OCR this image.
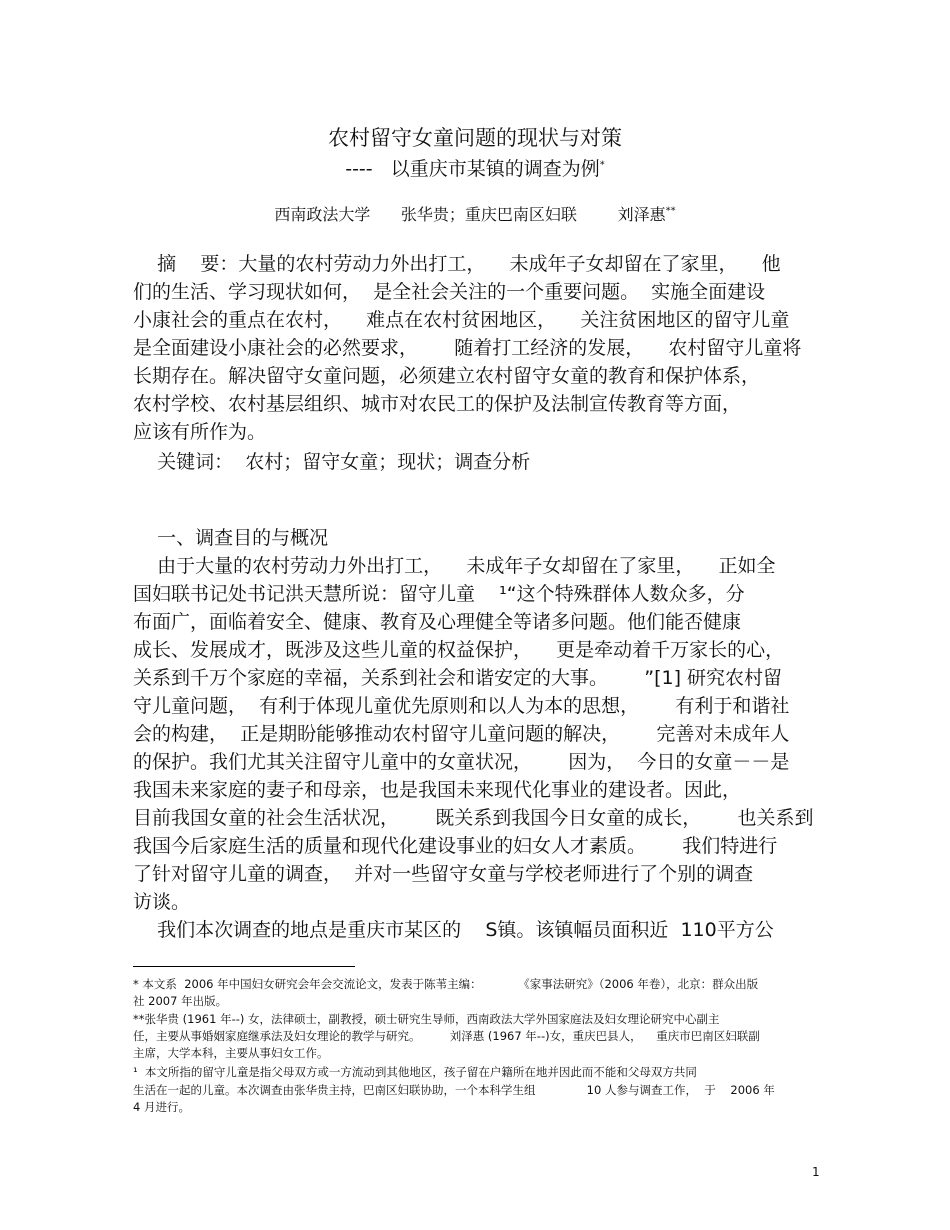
农村留守女童问题的现状与对策
----   以重庆市某镇的调查为例*
西南政法大学      张华贵；重庆巴南区妇联        刘泽惠**
摘    要：大量的农村劳动力外出打工，    未成年子女却留在了家里，    他
们的生活、学习现状如何，  是全社会关注的一个重要问题。  实施全面建设
小康社会的重点在农村，    难点在农村贫困地区，    关注贫困地区的留守儿童
是全面建设小康社会的必然要求，      随着打工经济的发展，    农村留守儿童将
长期存在。解决留守女童问题，必须建立农村留守女童的教育和保护体系，
农村学校、农村基层组织、城市对农民工的保护及法制宣传教育等方面，
应该有所作为。
关键词：  农村；留守女童；现状；调查分析
一、调查目的与概况
由于大量的农村劳动力外出打工，    未成年子女却留在了家里，    正如全
国妇联书记处书记洪天慧所说：留守儿童    ¹“这个特殊群体人数众多，分
布面广，面临着安全、健康、教育及心理健全等诸多问题。他们能否健康
成长、发展成才，既涉及这些儿童的权益保护，    更是牵动着千万家长的心，
关系到千万个家庭的幸福，关系到社会和谐安定的大事。      ”[1] 研究农村留
守儿童问题，  有利于体现儿童优先原则和以人为本的思想，      有利于和谐社
会的构建，  正是期盼能够推动农村留守儿童问题的解决，      完善对未成年人
的保护。我们尤其关注留守儿童中的女童状况，      因为，  今日的女童－－是
我国未来家庭的妻子和母亲，也是我国未来现代化事业的建设者。因此，
目前我国女童的社会生活状况，      既关系到我国今日女童的成长，      也关系到
我国今后家庭生活的质量和现代化建设事业的妇女人才素质。      我们特进行
了针对留守儿童的调查，  并对一些留守女童与学校老师进行了个别的调查
访谈。
我们本次调查的地点是重庆市某区的    S镇。该镇幅员面积近  110平方公
* 本文系  2006 年中国妇女研究会年会交流论文，发表于陈苇主编：          《家事法研究》（2006 年卷），北京：群众出版
社 2007 年出版。
**张华贵 (1961 年--) 女，法律硕士，副教授，硕士研究生导师，西南政法大学外国家庭法及妇女理论研究中心副主
任，主要从事婚姻家庭继承法及妇女理论的教学与研究。        刘泽惠 (1967 年--)女，重庆巴县人，    重庆市巴南区妇联副
主席，大学本科，主要从事妇女工作。
¹  本文所指的留守儿童是指父母双方或一方流动到其他地区，孩子留在户籍所在地并因此而不能和父母双方共同
生活在一起的儿童。本次调查由张华贵主持，巴南区妇联协助，一个本科学生组              10 人参与调查工作，  于    2006 年
4 月进行。
1
